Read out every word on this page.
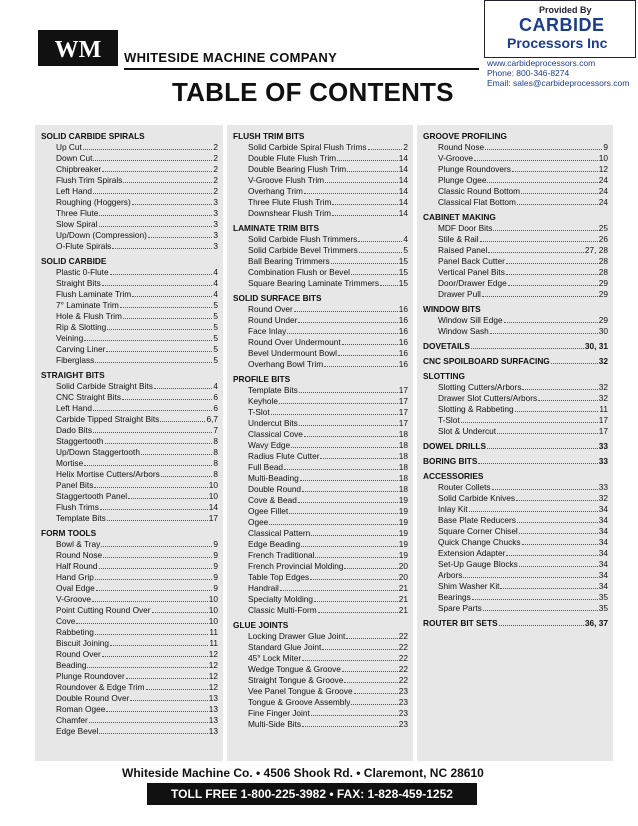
WM WHITESIDE MACHINE COMPANY
TABLE OF CONTENTS
Provided By
CARBIDE
Processors Inc
www.carbideprocessors.com
Phone: 800-346-8274
Email: sales@carbideprocessors.com
SOLID CARBIDE SPIRALS
Up Cut	2
Down Cut	2
Chipbreaker	2
Flush Trim Spirals	2
Left Hand	2
Roughing (Hoggers)	3
Three Flute	3
Slow Spiral	3
Up/Down (Compression)	3
O-Flute Spirals	3
SOLID CARBIDE
Plastic 0-Flute	4
Straight Bits	4
Flush Laminate Trim	4
7° Laminate Trim	5
Hole & Flush Trim	5
Rip & Slotting	5
Veining	5
Carving Liner	5
Fiberglass	5
STRAIGHT BITS
Solid Carbide Straight Bits	4
CNC Straight Bits	6
Left Hand	6
Carbide Tipped Straight Bits	6,7
Dado Bits	7
Staggertooth	8
Up/Down Staggertooth	8
Mortise	8
Helix Mortise Cutters/Arbors	8
Panel Bits	10
Staggertooth Panel	10
Flush Trims	14
Template Bits	17
FORM TOOLS
Bowl & Tray	9
Round Nose	9
Half Round	9
Hand Grip	9
Oval Edge	9
V-Groove	10
Point Cutting Round Over	10
Cove	10
Rabbeting	11
Biscuit Joining	11
Round Over	12
Beading	12
Plunge Roundover	12
Roundover & Edge Trim	12
Double Round Over	13
Roman Ogee	13
Chamfer	13
Edge Bevel	13
FLUSH TRIM BITS
Solid Carbide Spiral Flush Trims	2
Double Flute Flush Trim	14
Double Bearing Flush Trim	14
V-Groove Flush Trim	14
Overhang Trim	14
Three Flute Flush Trim	14
Downshear Flush Trim	14
LAMINATE TRIM BITS
Solid Carbide Flush Trimmers	4
Solid Carbide Bevel Trimmers	5
Ball Bearing Trimmers	15
Combination Flush or Bevel	15
Square Bearing Laminate Trimmers 15
SOLID SURFACE BITS
Round Over	16
Round Under	16
Face Inlay	16
Round Over Undermount	16
Bevel Undermount Bowl	16
Overhang Bowl Trim	16
PROFILE BITS
Template Bits	17
Keyhole	17
T-Slot	17
Undercut Bits	17
Classical Cove	18
Wavy Edge	18
Radius Flute Cutter	18
Full Bead	18
Multi-Beading	18
Double Round	18
Cove & Bead	19
Ogee Fillet	19
Ogee	19
Classical Pattern	19
Edge Beading	19
French Traditional	19
French Provincial Molding	20
Table Top Edges	20
Handrail	21
Specialty Molding	21
Classic Multi-Form	21
GLUE JOINTS
Locking Drawer Glue Joint	22
Standard Glue Joint	22
45° Lock Miter	22
Wedge Tongue & Groove	22
Straight Tongue & Groove	22
Vee Panel Tongue & Groove	23
Tongue & Groove Assembly	23
Fine Finger Joint	23
Multi-Side Bits	23
GROOVE PROFILING
Round Nose	9
V-Groove	10
Plunge Roundovers	12
Plunge Ogee	24
Classic Round Bottom	24
Classical Flat Bottom	24
CABINET MAKING
MDF Door Bits	25
Stile & Rail	26
Raised Panel	27, 28
Panel Back Cutter	28
Vertical Panel Bits	28
Door/Drawer Edge	29
Drawer Pull	29
WINDOW BITS
Window Sill Edge	29
Window Sash	30
DOVETAILS	30, 31
CNC SPOILBOARD SURFACING	32
SLOTTING
Slotting Cutters/Arbors	32
Drawer Slot Cutters/Arbors	32
Slotting & Rabbeting	11
T-Slot	17
Slot & Undercut	17
DOWEL DRILLS	33
BORING BITS	33
ACCESSORIES
Router Collets	33
Solid Carbide Knives	32
Inlay Kit	34
Base Plate Reducers	34
Square Corner Chisel	34
Quick Change Chucks	34
Extension Adapter	34
Set-Up Gauge Blocks	34
Arbors	34
Shim Washer Kit	34
Bearings	35
Spare Parts	35
ROUTER BIT SETS	36, 37
Whiteside Machine Co. • 4506 Shook Rd. • Claremont, NC 28610
TOLL FREE 1-800-225-3982 • FAX: 1-828-459-1252
